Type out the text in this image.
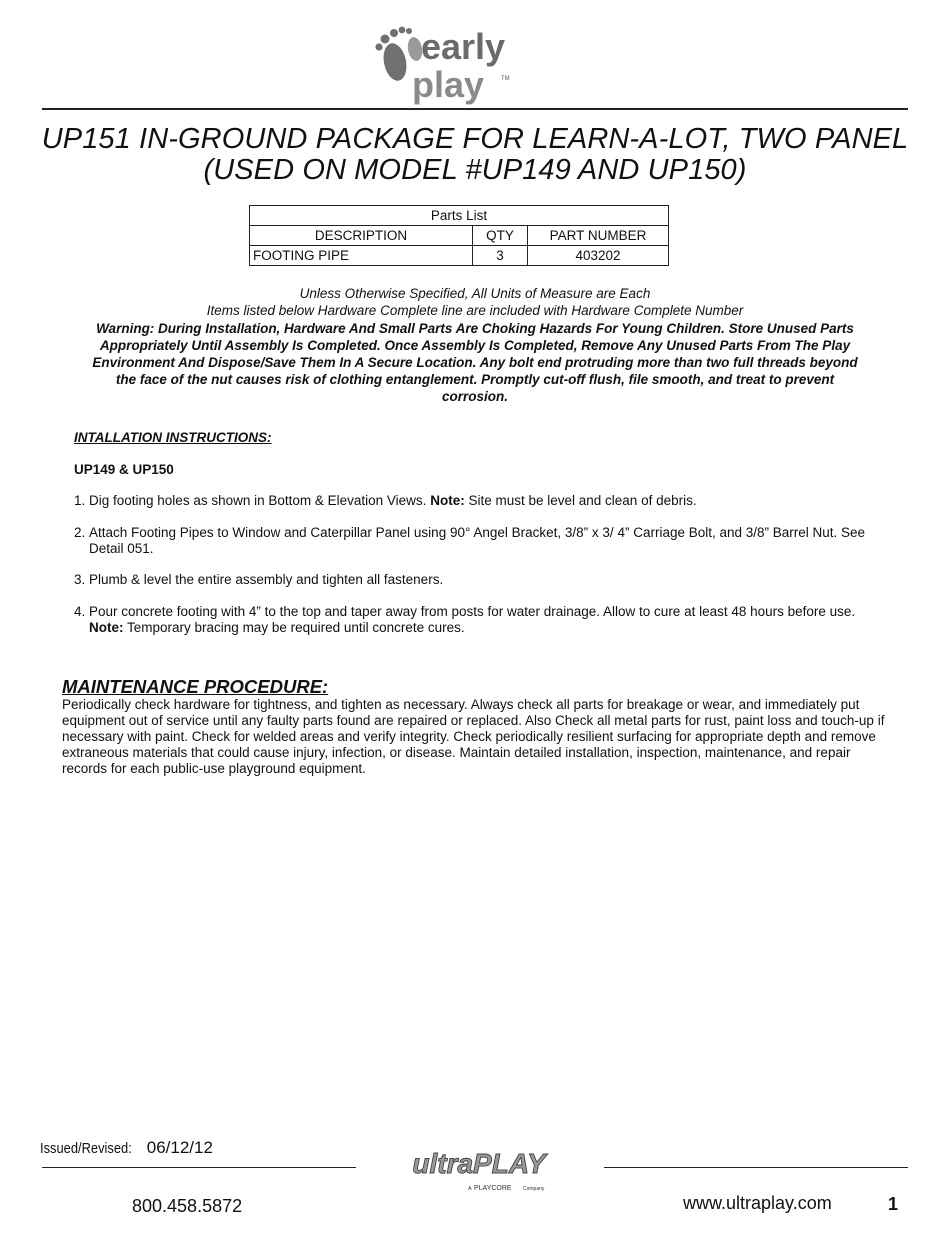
early
play	TM
UP151 IN-GROUND PACKAGE FOR LEARN-A-LOT, TWO PANEL (USED ON MODEL #UP149 AND UP150)
Parts List		
DESCRIPTION	QTY	PART NUMBER
FOOTING PIPE	3	403202
Unless Otherwise Specified, All Units of Measure are Each
Items listed below Hardware Complete line are included with Hardware Complete Number
Warning: During Installation, Hardware And Small Parts Are Choking Hazards For Young Children. Store Unused Parts Appropriately Until Assembly Is Completed. Once Assembly Is Completed, Remove Any Unused Parts From The Play Environment And Dispose/Save Them In A Secure Location. Any bolt end protruding more than two full threads beyond the face of the nut causes risk of clothing entanglement. Promptly cut-off flush, file smooth, and treat to prevent corrosion.
INTALLATION INSTRUCTIONS:
UP149 & UP150
1. Dig footing holes as shown in Bottom & Elevation Views. Note: Site must be level and clean of debris.
2. Attach Footing Pipes to Window and Caterpillar Panel using 90° Angel Bracket, 3/8” x 3/ 4” Carriage Bolt, and 3/8” Barrel Nut. See Detail 051.
3. Plumb & level the entire assembly and tighten all fasteners.
4. Pour concrete footing with 4” to the top and taper away from posts for water drainage. Allow to cure at least 48 hours before use. Note: Temporary bracing may be required until concrete cures.
MAINTENANCE PROCEDURE:
Periodically check hardware for tightness, and tighten as necessary. Always check all parts for breakage or wear, and immediately put equipment out of service until any faulty parts found are repaired or replaced. Also Check all metal parts for rust, paint loss and touch-up if necessary with paint. Check for welded areas and verify integrity. Check periodically resilient surfacing for appropriate depth and remove extraneous materials that could cause injury, infection, or disease. Maintain detailed installation, inspection, maintenance, and repair records for each public-use playground equipment.
Issued/Revised: 06/12/12
ultraPLAY
A PLAYCORE Company
800.458.5872	www.ultraplay.com	1
